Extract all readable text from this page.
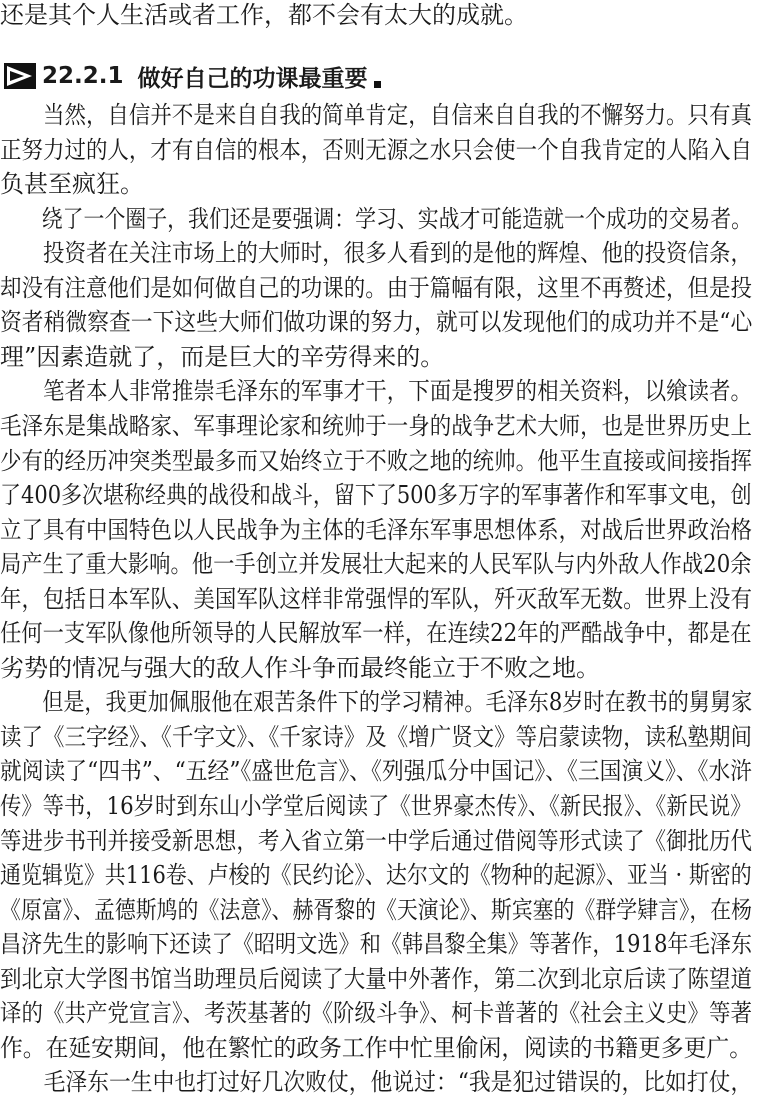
还是其个人生活或者工作，都不会有太大的成就。

22.2.1 做好自己的功课最重要

　　当然，自信并不是来自自我的简单肯定，自信来自自我的不懈努力。只有真

正努力过的人，才有自信的根本，否则无源之水只会使一个自我肯定的人陷入自

负甚至疯狂。

　　绕了一个圈子，我们还是要强调：学习、实战才可能造就一个成功的交易者。

　　投资者在关注市场上的大师时，很多人看到的是他的辉煌、他的投资信条，

却没有注意他们是如何做自己的功课的。由于篇幅有限，这里不再赘述，但是投

资者稍微察查一下这些大师们做功课的努力，就可以发现他们的成功并不是“心

理”因素造就了，而是巨大的辛劳得来的。

　　笔者本人非常推崇毛泽东的军事才干，下面是搜罗的相关资料，以飨读者。

毛泽东是集战略家、军事理论家和统帅于一身的战争艺术大师，也是世界历史上

少有的经历冲突类型最多而又始终立于不败之地的统帅。他平生直接或间接指挥

了400多次堪称经典的战役和战斗，留下了500多万字的军事著作和军事文电，创

立了具有中国特色以人民战争为主体的毛泽东军事思想体系，对战后世界政治格

局产生了重大影响。他一手创立并发展壮大起来的人民军队与内外敌人作战20余

年，包括日本军队、美国军队这样非常强悍的军队，歼灭敌军无数。世界上没有

任何一支军队像他所领导的人民解放军一样，在连续22年的严酷战争中，都是在

劣势的情况与强大的敌人作斗争而最终能立于不败之地。

　　但是，我更加佩服他在艰苦条件下的学习精神。毛泽东8岁时在教书的舅舅家

读了《三字经》、《千字文》、《千家诗》及《增广贤文》等启蒙读物，读私塾期间

就阅读了“四书”、“五经”《盛世危言》、《列强瓜分中国记》、《三国演义》、《水浒

传》等书，16岁时到东山小学堂后阅读了《世界豪杰传》、《新民报》、《新民说》

等进步书刊并接受新思想，考入省立第一中学后通过借阅等形式读了《御批历代

通览辑览》共116卷、卢梭的《民约论》、达尔文的《物种的起源》、亚当 · 斯密的

《原富》、孟德斯鸠的《法意》、赫胥黎的《天演论》、斯宾塞的《群学肄言》，在杨

昌济先生的影响下还读了《昭明文选》和《韩昌黎全集》等著作，1918年毛泽东

到北京大学图书馆当助理员后阅读了大量中外著作，第二次到北京后读了陈望道

译的《共产党宣言》、考茨基著的《阶级斗争》、柯卡普著的《社会主义史》等著

作。在延安期间，他在繁忙的政务工作中忙里偷闲，阅读的书籍更多更广。

　　毛泽东一生中也打过好几次败仗，他说过：“我是犯过错误的，比如打仗，
